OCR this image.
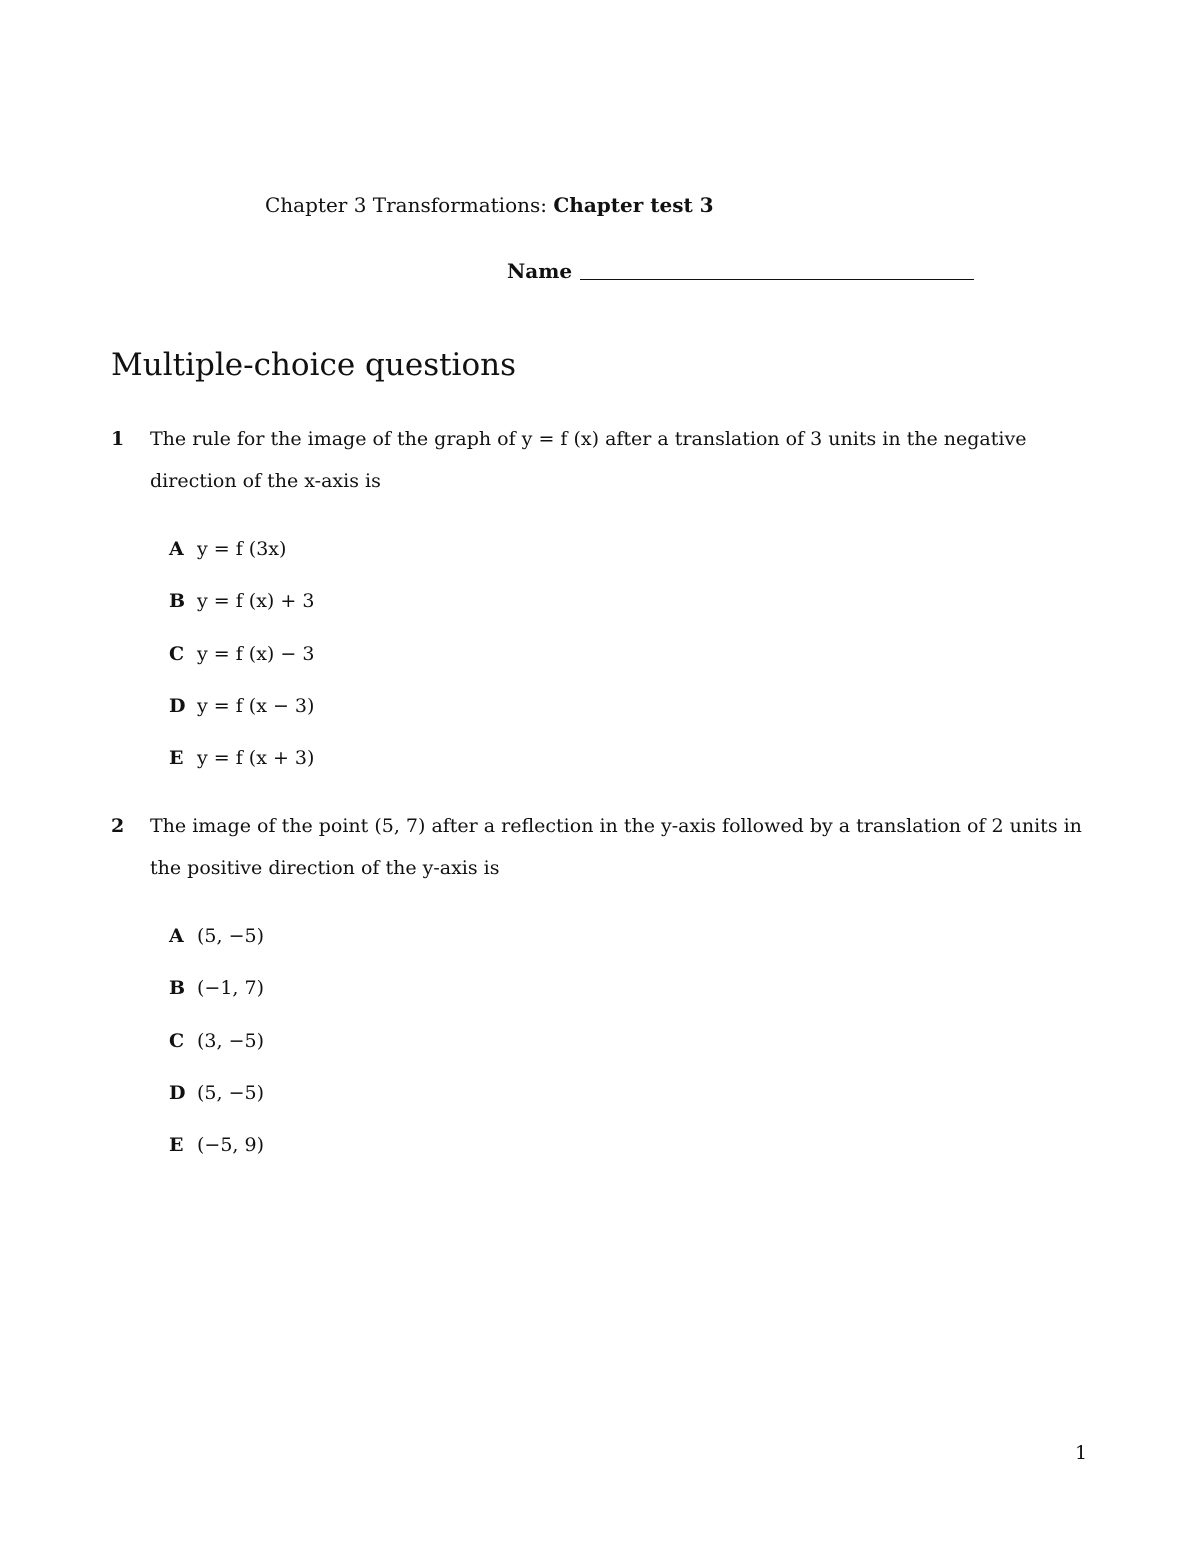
Chapter 3 Transformations: Chapter test 3
Name
Multiple-choice questions
1 The rule for the image of the graph of y = f (x) after a translation of 3 units in the negative direction of the x-axis is
A y = f (3x)
B y = f (x) + 3
C y = f (x) − 3
D y = f (x − 3)
E y = f (x + 3)
2 The image of the point (5, 7) after a reflection in the y-axis followed by a translation of 2 units in the positive direction of the y-axis is
A (5, −5)
B (−1, 7)
C (3, −5)
D (5, −5)
E (−5, 9)
1
